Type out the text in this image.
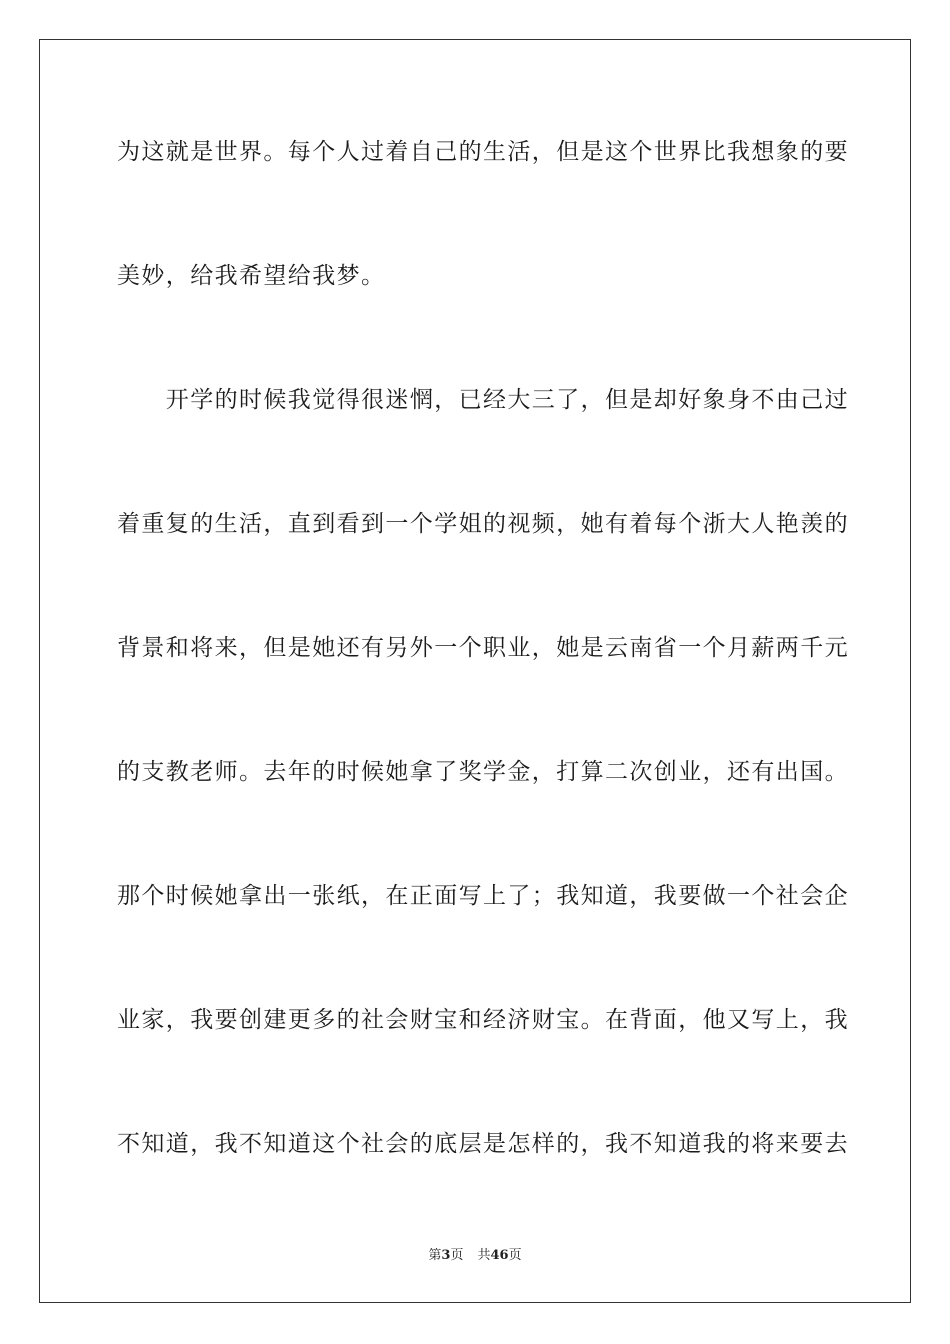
为这就是世界。每个人过着自己的生活，但是这个世界比我想象的要
美妙，给我希望给我梦。
　　开学的时候我觉得很迷惘，已经大三了，但是却好象身不由己过
着重复的生活，直到看到一个学姐的视频，她有着每个浙大人艳羡的
背景和将来，但是她还有另外一个职业，她是云南省一个月薪两千元
的支教老师。去年的时候她拿了奖学金，打算二次创业，还有出国。
那个时候她拿出一张纸，在正面写上了；我知道，我要做一个社会企
业家，我要创建更多的社会财宝和经济财宝。在背面，他又写上，我
不知道，我不知道这个社会的底层是怎样的，我不知道我的将来要去
第3页 共46页
